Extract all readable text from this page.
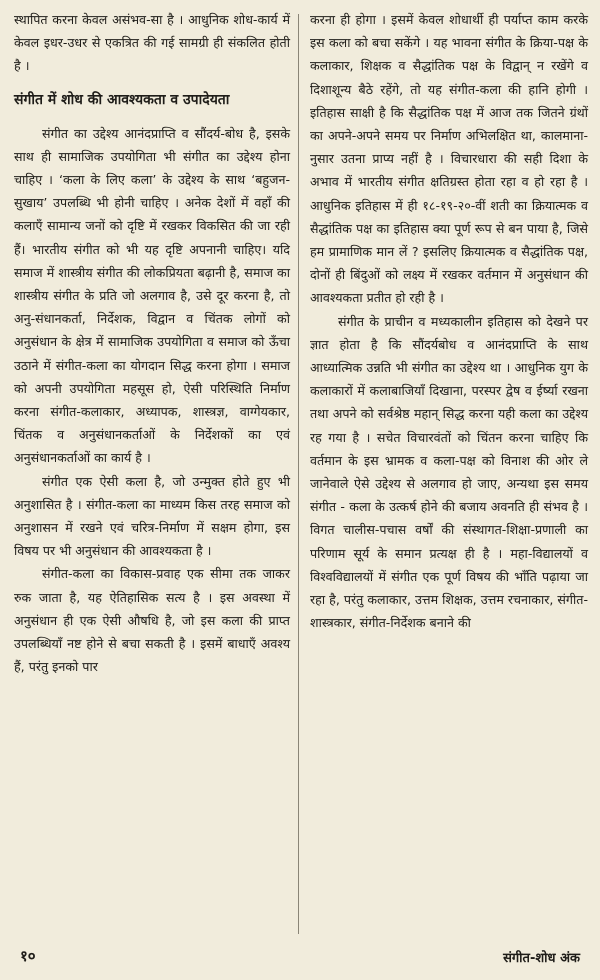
स्थापित करना केवल असंभव-सा है । आधुनिक शोध-कार्य में केवल इधर-उधर से एकत्रित की गई सामग्री ही संकलित होती है ।

संगीत में शोध की आवश्यकता व उपादेयता

संगीत का उद्देश्य आनंदप्राप्ति व सौंदर्य-बोध है, इसके साथ ही सामाजिक उपयोगिता भी संगीत का उद्देश्य होना चाहिए । ‘कला के लिए कला’ के उद्देश्य के साथ ‘बहुजन-सुखाय’ उपलब्धि भी होनी चाहिए । अनेक देशों में वहाँ की कलाएँ सामान्य जनों को दृष्टि में रखकर विकसित की जा रही हैं। भारतीय संगीत को भी यह दृष्टि अपनानी चाहिए। यदि समाज में शास्त्रीय संगीत की लोकप्रियता बढ़ानी है, समाज का शास्त्रीय संगीत के प्रति जो अलगाव है, उसे दूर करना है, तो अनु-संधानकर्ता, निर्देशक, विद्वान व चिंतक लोगों को अनुसंधान के क्षेत्र में सामाजिक उपयोगिता व समाज को ऊँचा उठाने में संगीत-कला का योगदान सिद्ध करना होगा । समाज को अपनी उपयोगिता महसूस हो, ऐसी परिस्थिति निर्माण करना संगीत-कलाकार, अध्यापक, शास्त्रज्ञ, वाग्गेयकार, चिंतक व अनुसंधानकर्ताओं के निर्देशकों का एवं अनुसंधानकर्ताओं का कार्य है ।

संगीत एक ऐसी कला है, जो उन्मुक्त होते हुए भी अनुशासित है । संगीत-कला का माध्यम किस तरह समाज को अनुशासन में रखने एवं चरित्र-निर्माण में सक्षम होगा, इस विषय पर भी अनुसंधान की आवश्यकता है ।

संगीत-कला का विकास-प्रवाह एक सीमा तक जाकर रुक जाता है, यह ऐतिहासिक सत्य है । इस अवस्था में अनुसंधान ही एक ऐसी औषधि है, जो इस कला की प्राप्त उपलब्धियाँ नष्ट होने से बचा सकती है । इसमें बाधाएँ अवश्य हैं, परंतु इनको पार

करना ही होगा । इसमें केवल शोधार्थी ही पर्याप्त काम करके इस कला को बचा सकेंगे । यह भावना संगीत के क्रिया-पक्ष के कलाकार, शिक्षक व सैद्धांतिक पक्ष के विद्वान् न रखेंगे व दिशाशून्य बैठे रहेंगे, तो यह संगीत-कला की हानि होगी । इतिहास साक्षी है कि सैद्धांतिक पक्ष में आज तक जितने ग्रंथों का अपने-अपने समय पर निर्माण अभिलक्षित था, कालमाना-नुसार उतना प्राप्य नहीं है । विचारधारा की सही दिशा के अभाव में भारतीय संगीत क्षतिग्रस्त होता रहा व हो रहा है । आधुनिक इतिहास में ही १८-१९-२०-वीं शती का क्रियात्मक व सैद्धांतिक पक्ष का इतिहास क्या पूर्ण रूप से बन पाया है, जिसे हम प्रामाणिक मान लें ? इसलिए क्रियात्मक व सैद्धांतिक पक्ष, दोनों ही बिंदुओं को लक्ष्य में रखकर वर्तमान में अनुसंधान की आवश्यकता प्रतीत हो रही है ।

संगीत के प्राचीन व मध्यकालीन इतिहास को देखने पर ज्ञात होता है कि सौंदर्यबोध व आनंदप्राप्ति के साथ आध्यात्मिक उन्नति भी संगीत का उद्देश्य था । आधुनिक युग के कलाकारों में कलाबाजियाँ दिखाना, परस्पर द्वेष व ईर्ष्या रखना तथा अपने को सर्वश्रेष्ठ महान् सिद्ध करना यही कला का उद्देश्य रह गया है । सचेत विचारवंतों को चिंतन करना चाहिए कि वर्तमान के इस भ्रामक व कला-पक्ष को विनाश की ओर ले जानेवाले ऐसे उद्देश्य से अलगाव हो जाए, अन्यथा इस समय संगीत - कला के उत्कर्ष होने की बजाय अवनति ही संभव है । विगत चालीस-पचास वर्षों की संस्थागत-शिक्षा-प्रणाली का परिणाम सूर्य के समान प्रत्यक्ष ही है । महा-विद्यालयों व विश्वविद्यालयों में संगीत एक पूर्ण विषय की भाँति पढ़ाया जा रहा है, परंतु कलाकार, उत्तम शिक्षक, उत्तम रचनाकार, संगीत-शास्त्रकार, संगीत-निर्देशक बनाने की

१०	संगीत-शोध अंक
